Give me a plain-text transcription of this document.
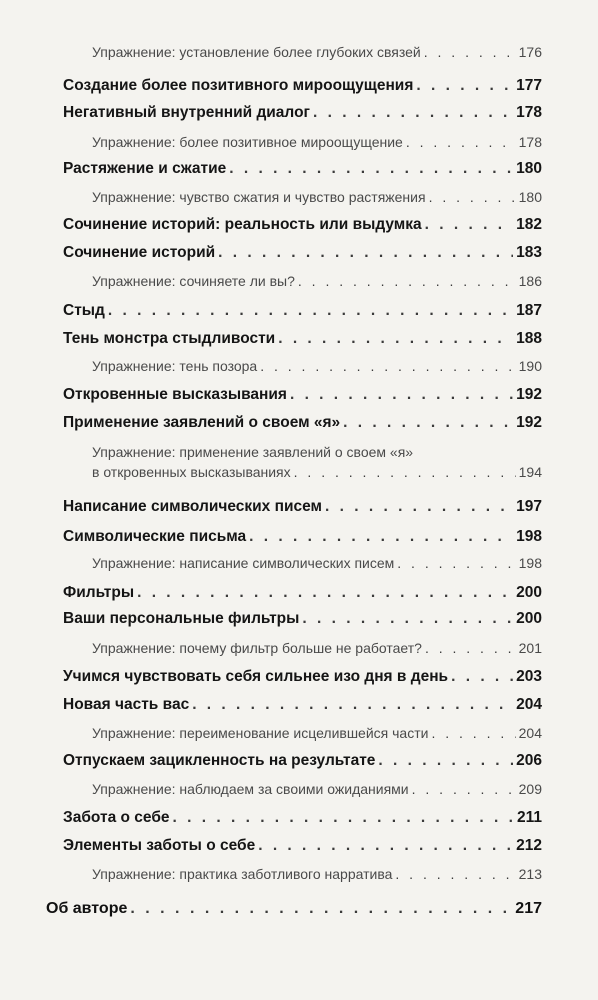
Упражнение: установление более глубоких связей . . .	176
Создание более позитивного мироощущения . . .	177
Негативный внутренний диалог . . .	178
Упражнение: более позитивное мироощущение . . .	178
Растяжение и сжатие . . .	180
Упражнение: чувство сжатия и чувство растяжения . . .	180
Сочинение историй: реальность или выдумка . . .	182
Сочинение историй . . .	183
Упражнение: сочиняете ли вы? . . .	186
Стыд . . .	187
Тень монстра стыдливости . . .	188
Упражнение: тень позора . . .	190
Откровенные высказывания . . .	192
Применение заявлений о своем «я» . . .	192
Упражнение: применение заявлений о своем «я»
в откровенных высказываниях . . .	194
Написание символических писем . . .	197
Символические письма . . .	198
Упражнение: написание символических писем . . .	198
Фильтры . . .	200
Ваши персональные фильтры . . .	200
Упражнение: почему фильтр больше не работает? . . .	201
Учимся чувствовать себя сильнее изо дня в день . . .	203
Новая часть вас . . .	204
Упражнение: переименование исцелившейся части . . .	204
Отпускаем зацикленность на результате . . .	206
Упражнение: наблюдаем за своими ожиданиями . . .	209
Забота о себе . . .	211
Элементы заботы о себе . . .	212
Упражнение: практика заботливого нарратива . . .	213
Об авторе . . .	217
